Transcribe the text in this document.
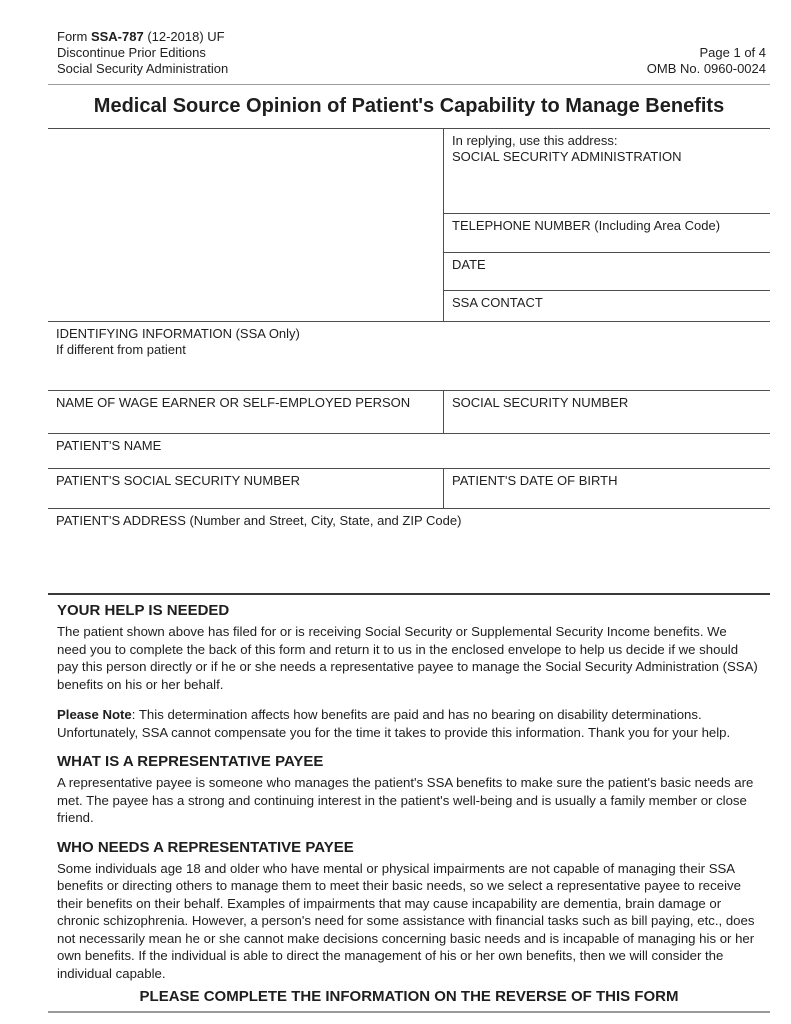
Form SSA-787 (12-2018) UF
Discontinue Prior Editions
Social Security Administration
Page 1 of 4
OMB No. 0960-0024
Medical Source Opinion of Patient's Capability to Manage Benefits
In replying, use this address:
SOCIAL SECURITY ADMINISTRATION
TELEPHONE NUMBER (Including Area Code)
DATE
SSA CONTACT
IDENTIFYING INFORMATION (SSA Only)
If different from patient
NAME OF WAGE EARNER OR SELF-EMPLOYED PERSON	SOCIAL SECURITY NUMBER
PATIENT'S NAME
PATIENT'S SOCIAL SECURITY NUMBER	PATIENT'S DATE OF BIRTH
PATIENT'S ADDRESS (Number and Street, City, State, and ZIP Code)
YOUR HELP IS NEEDED

The patient shown above has filed for or is receiving Social Security or Supplemental Security Income benefits. We need you to complete the back of this form and return it to us in the enclosed envelope to help us decide if we should pay this person directly or if he or she needs a representative payee to manage the Social Security Administration (SSA) benefits on his or her behalf.

Please Note: This determination affects how benefits are paid and has no bearing on disability determinations. Unfortunately, SSA cannot compensate you for the time it takes to provide this information. Thank you for your help.

WHAT IS A REPRESENTATIVE PAYEE

A representative payee is someone who manages the patient's SSA benefits to make sure the patient's basic needs are met. The payee has a strong and continuing interest in the patient's well-being and is usually a family member or close friend.

WHO NEEDS A REPRESENTATIVE PAYEE

Some individuals age 18 and older who have mental or physical impairments are not capable of managing their SSA benefits or directing others to manage them to meet their basic needs, so we select a representative payee to receive their benefits on their behalf. Examples of impairments that may cause incapability are dementia, brain damage or chronic schizophrenia. However, a person's need for some assistance with financial tasks such as bill paying, etc., does not necessarily mean he or she cannot make decisions concerning basic needs and is incapable of managing his or her own benefits. If the individual is able to direct the management of his or her own benefits, then we will consider the individual capable.

PLEASE COMPLETE THE INFORMATION ON THE REVERSE OF THIS FORM
